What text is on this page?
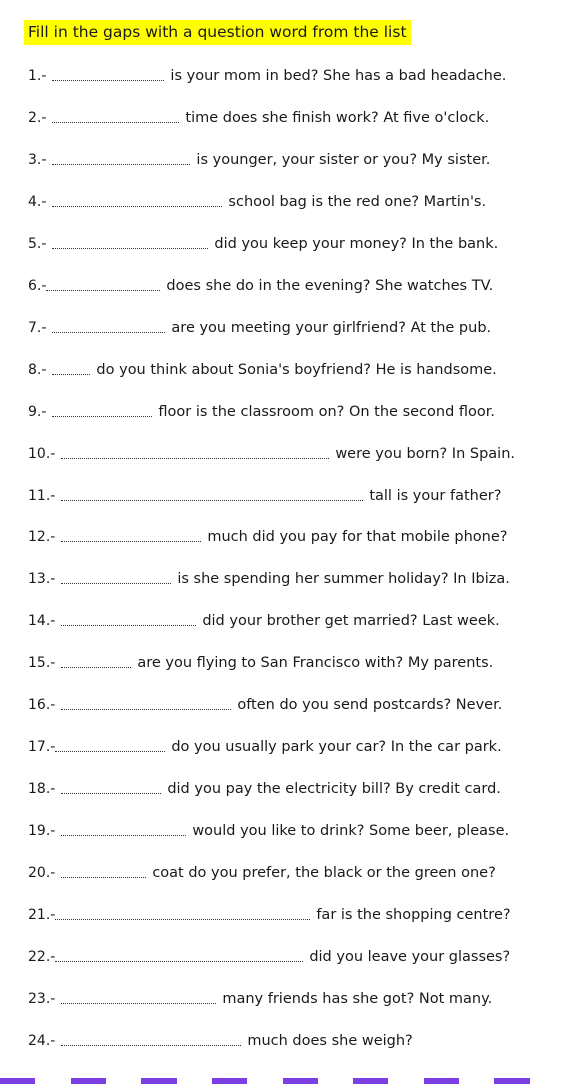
Fill in the gaps with a question word from the list
1.-	is your mom in bed? She has a bad headache.
2.-	time does she finish work? At five o'clock.
3.-	is younger, your sister or you? My sister.
4.-	school bag is the red one? Martin's.
5.-	did you keep your money? In the bank.
6.-	does she do in the evening? She watches TV.
7.-	are you meeting your girlfriend? At the pub.
8.-	do you think about Sonia's boyfriend? He is handsome.
9.-	floor is the classroom on? On the second floor.
10.-	were you born? In Spain.
11.-	tall is your father?
12.-	much did you pay for that mobile phone?
13.-	is she spending her summer holiday? In Ibiza.
14.-	did your brother get married? Last week.
15.-	are you flying to San Francisco with? My parents.
16.-	often do you send postcards? Never.
17.-	do you usually park your car? In the car park.
18.-	did you pay the electricity bill? By credit card.
19.-	would you like to drink? Some beer, please.
20.-	coat do you prefer, the black or the green one?
21.-	far is the shopping centre?
22.-	did you leave your glasses?
23.-	many friends has she got? Not many.
24.-	much does she weigh?
